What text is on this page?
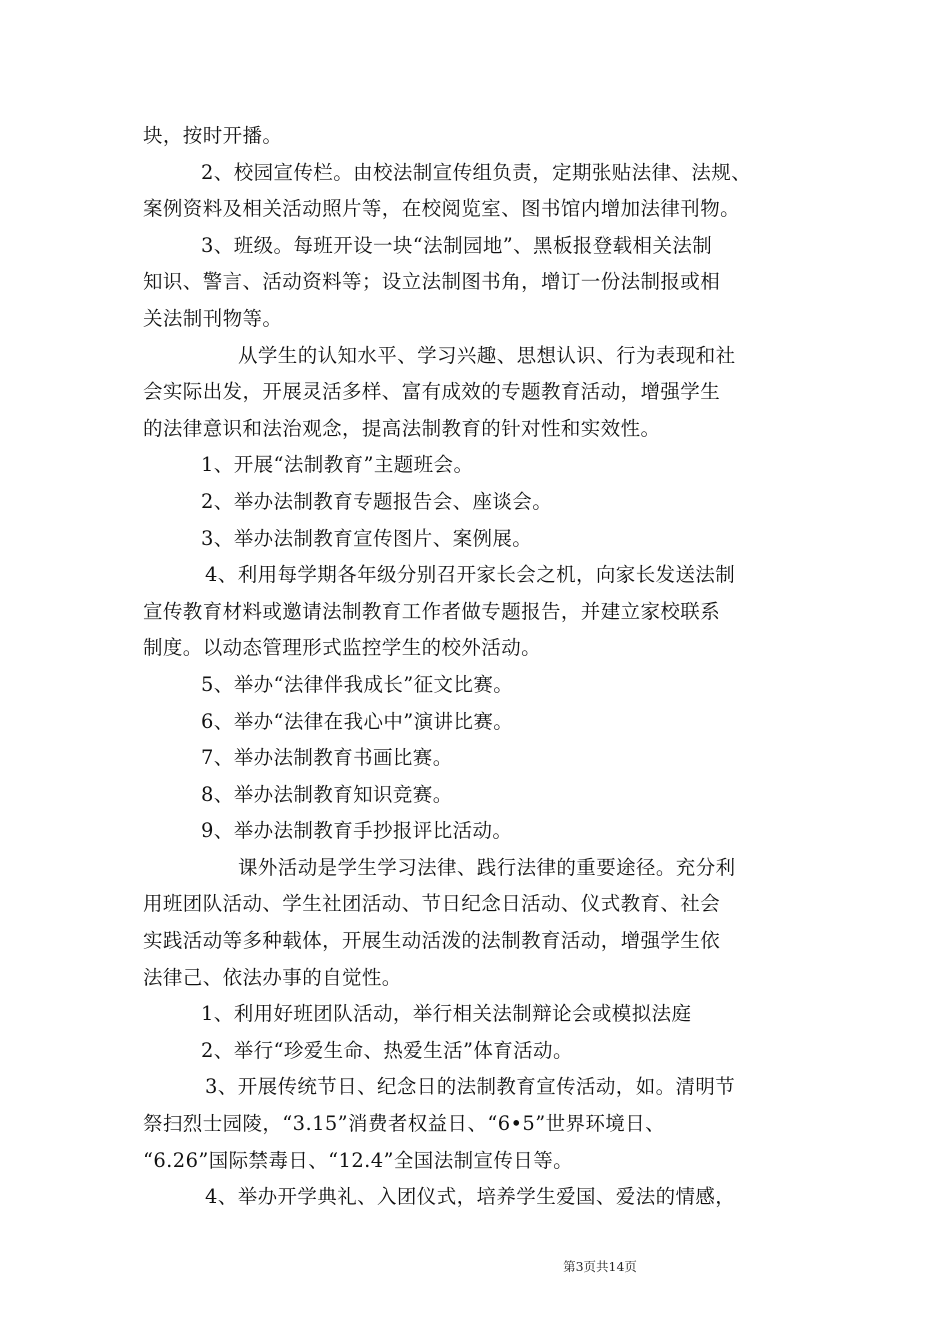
块，按时开播。
2、校园宣传栏。由校法制宣传组负责，定期张贴法律、法规、
案例资料及相关活动照片等，在校阅览室、图书馆内增加法律刊物。
3、班级。每班开设一块“法制园地”、黑板报登载相关法制
知识、警言、活动资料等；设立法制图书角，增订一份法制报或相
关法制刊物等。
从学生的认知水平、学习兴趣、思想认识、行为表现和社
会实际出发，开展灵活多样、富有成效的专题教育活动，增强学生
的法律意识和法治观念，提高法制教育的针对性和实效性。
1、开展“法制教育”主题班会。
2、举办法制教育专题报告会、座谈会。
3、举办法制教育宣传图片、案例展。
4、利用每学期各年级分别召开家长会之机，向家长发送法制
宣传教育材料或邀请法制教育工作者做专题报告，并建立家校联系
制度。以动态管理形式监控学生的校外活动。
5、举办“法律伴我成长”征文比赛。
6、举办“法律在我心中”演讲比赛。
7、举办法制教育书画比赛。
8、举办法制教育知识竞赛。
9、举办法制教育手抄报评比活动。
课外活动是学生学习法律、践行法律的重要途径。充分利
用班团队活动、学生社团活动、节日纪念日活动、仪式教育、社会
实践活动等多种载体，开展生动活泼的法制教育活动，增强学生依
法律己、依法办事的自觉性。
1、利用好班团队活动，举行相关法制辩论会或模拟法庭
2、举行“珍爱生命、热爱生活”体育活动。
3、开展传统节日、纪念日的法制教育宣传活动，如。清明节
祭扫烈士园陵，“3.15”消费者权益日、“6•5”世界环境日、
“6.26”国际禁毒日、“12.4”全国法制宣传日等。
4、举办开学典礼、入团仪式，培养学生爱国、爱法的情感，
第3页共14页
